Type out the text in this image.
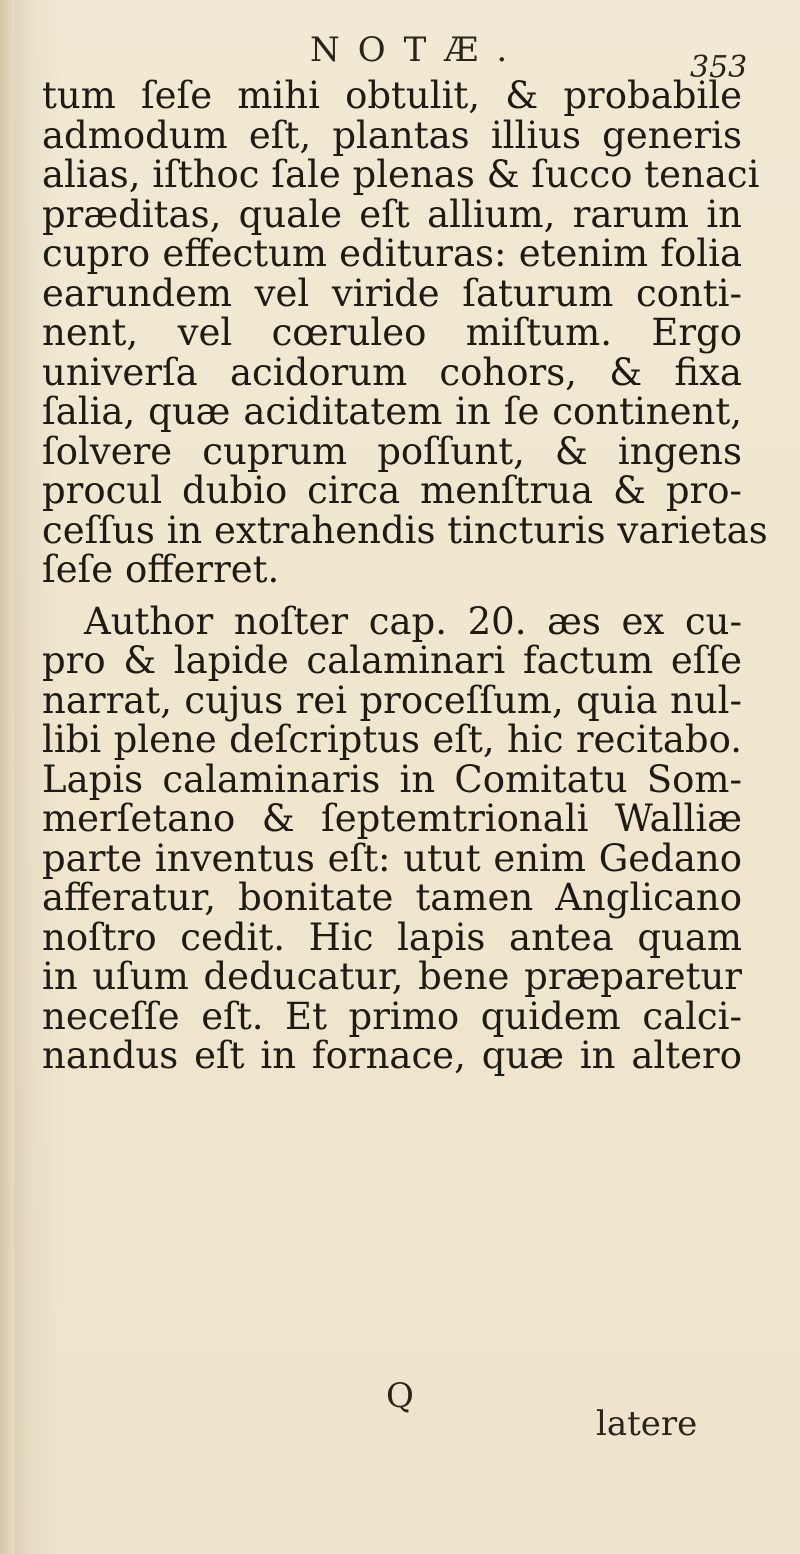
NOTÆ.	353
tum ſeſe mihi obtulit, & probabile
admodum eſt, plantas illius generis
alias, iſthoc ſale plenas & ſucco tenaci
præditas, quale eſt allium, rarum in
cupro effectum edituras: etenim folia
earundem vel viride ſaturum conti-
nent, vel cœruleo miſtum. Ergo
univerſa acidorum cohors, & fixa
ſalia, quæ aciditatem in ſe continent,
ſolvere cuprum poſſunt, & ingens
procul dubio circa menſtrua & pro-
ceſſus in extrahendis tincturis varietas
ſeſe offerret.
Author noſter cap. 20. æs ex cu-
pro & lapide calaminari factum eſſe
narrat, cujus rei proceſſum, quia nul-
libi plene deſcriptus eſt, hic recitabo.
Lapis calaminaris in Comitatu Som-
merſetano & ſeptemtrionali Walliæ
parte inventus eſt: utut enim Gedano
afferatur, bonitate tamen Anglicano
noſtro cedit. Hic lapis antea quam
in uſum deducatur, bene præparetur
neceſſe eſt. Et primo quidem calci-
nandus eſt in fornace, quæ in altero
Q
latere
